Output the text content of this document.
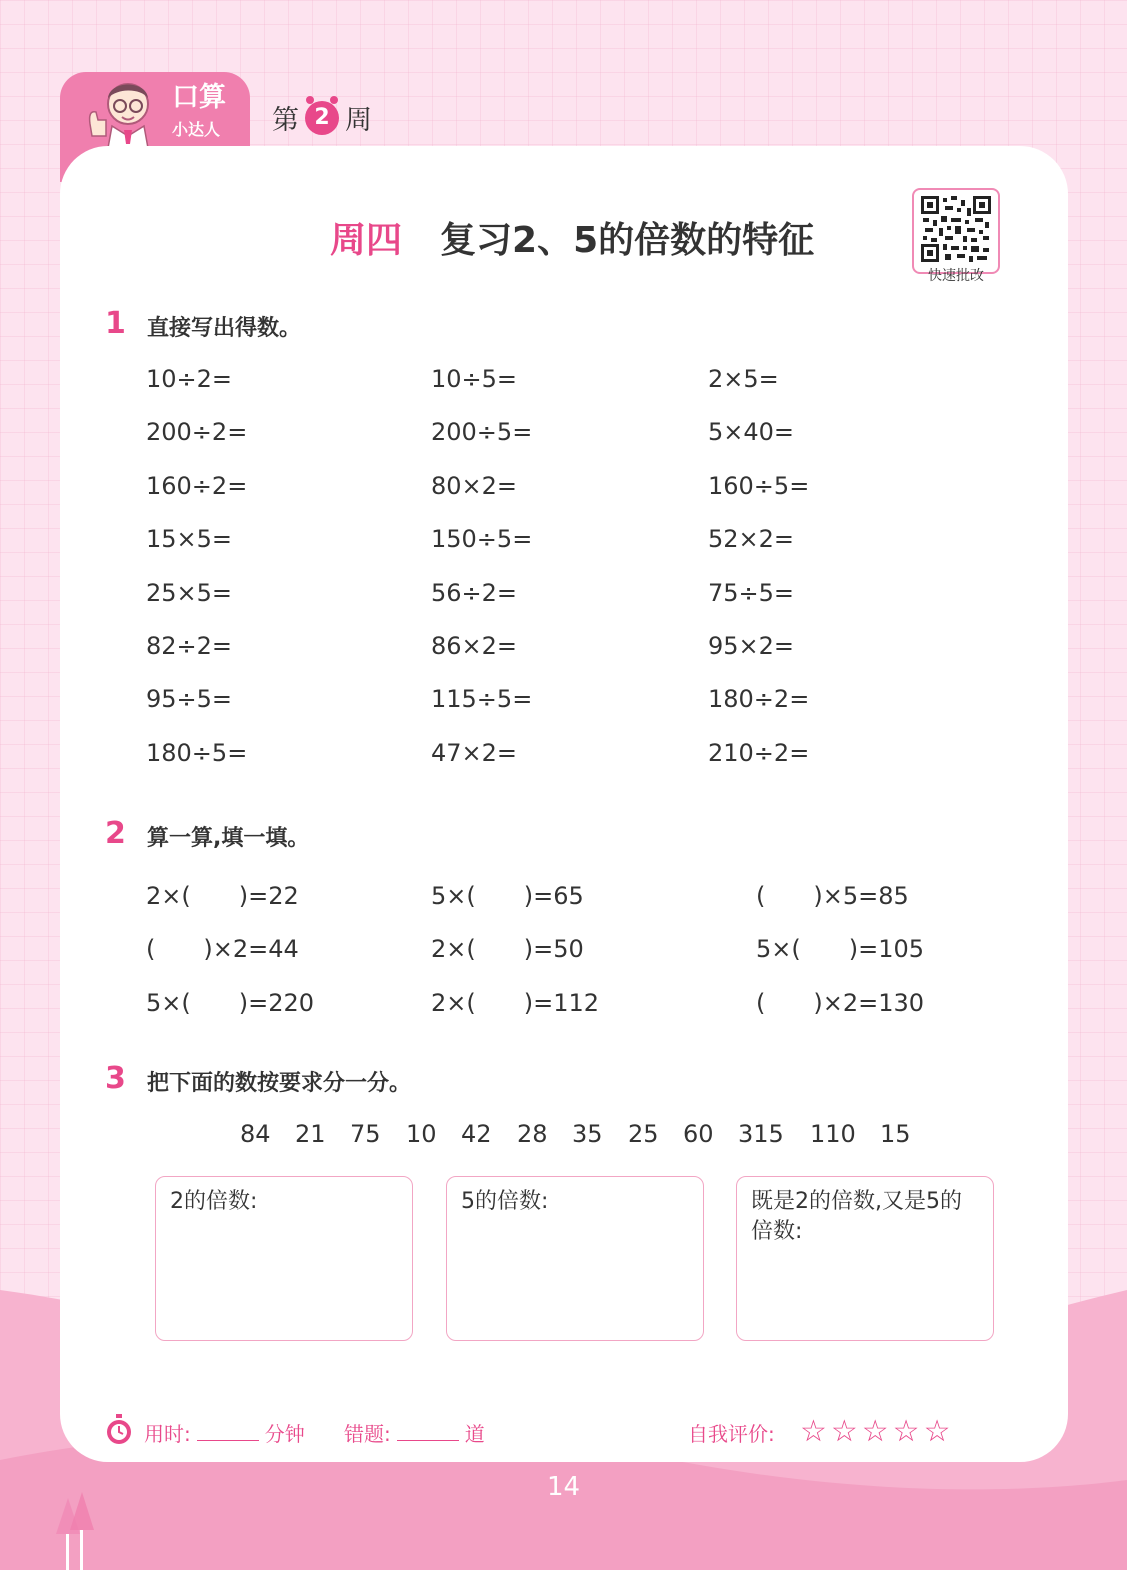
口算
小达人 第 2 周
周四 复习2、5的倍数的特征
快速批改
1 直接写出得数。
10÷2=	10÷5=	2×5=
200÷2=	200÷5=	5×40=
160÷2=	80×2=	160÷5=
15×5=	150÷5=	52×2=
25×5=	56÷2=	75÷5=
82÷2=	86×2=	95×2=
95÷5=	115÷5=	180÷2=
180÷5=	47×2=	210÷2=
2 算一算,填一填。
2×(　　)=22	5×(　　)=65	(　　)×5=85
(　　)×2=44	2×(　　)=50	5×(　　)=105
5×(　　)=220	2×(　　)=112	(　　)×2=130
3 把下面的数按要求分一分。
84 21 75 10 42 28 35 25 60 315 110 15
2的倍数:	5的倍数:	既是2的倍数,又是5的倍数:
用时:	分钟 错题:	道	自我评价: ☆☆☆☆☆
14
